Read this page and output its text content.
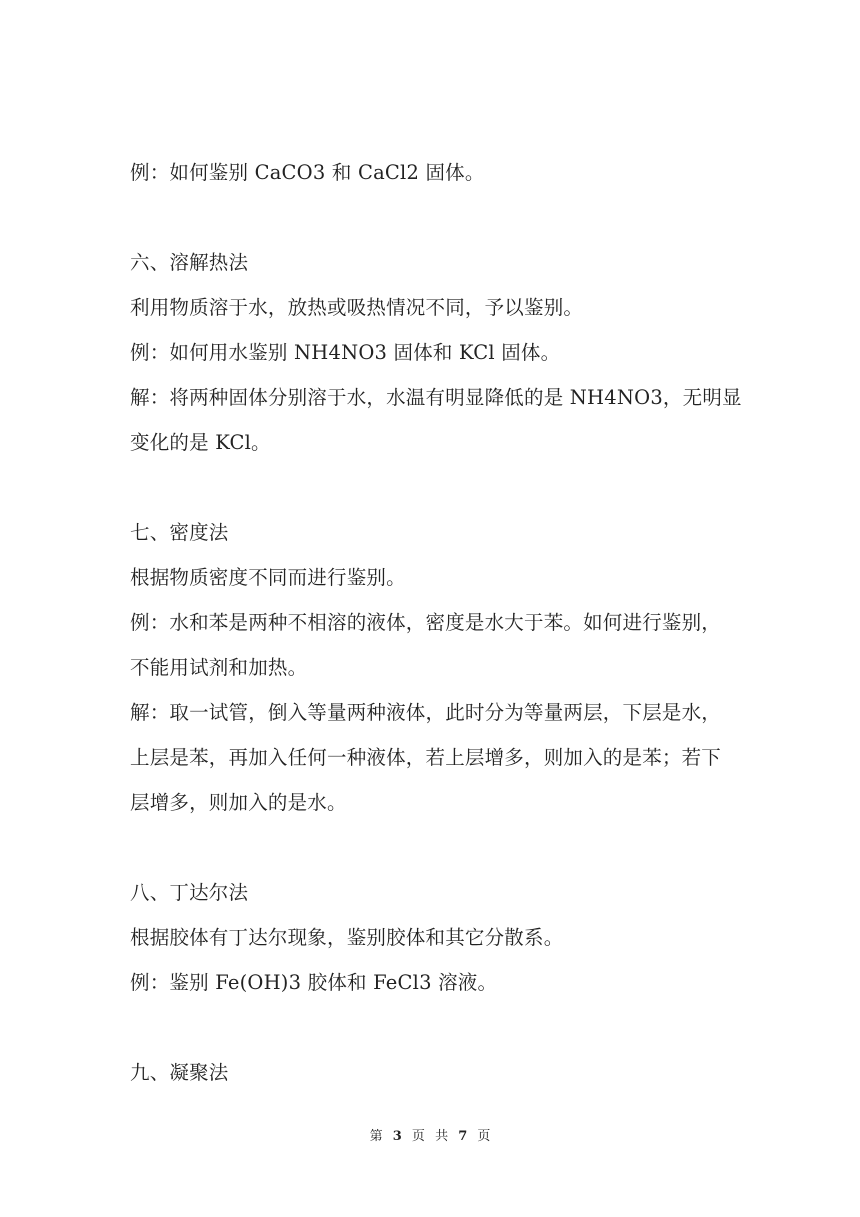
例：如何鉴别 CaCO3 和 CaCl2 固体。
六、溶解热法
利用物质溶于水，放热或吸热情况不同，予以鉴别。
例：如何用水鉴别 NH4NO3 固体和 KCl 固体。
解：将两种固体分别溶于水，水温有明显降低的是 NH4NO3，无明显
变化的是 KCl。
七、密度法
根据物质密度不同而进行鉴别。
例：水和苯是两种不相溶的液体，密度是水大于苯。如何进行鉴别，
不能用试剂和加热。
解：取一试管，倒入等量两种液体，此时分为等量两层，下层是水，
上层是苯，再加入任何一种液体，若上层增多，则加入的是苯；若下
层增多，则加入的是水。
八、丁达尔法
根据胶体有丁达尔现象，鉴别胶体和其它分散系。
例：鉴别 Fe(OH)3 胶体和 FeCl3 溶液。
九、凝聚法
第 3 页 共 7 页
